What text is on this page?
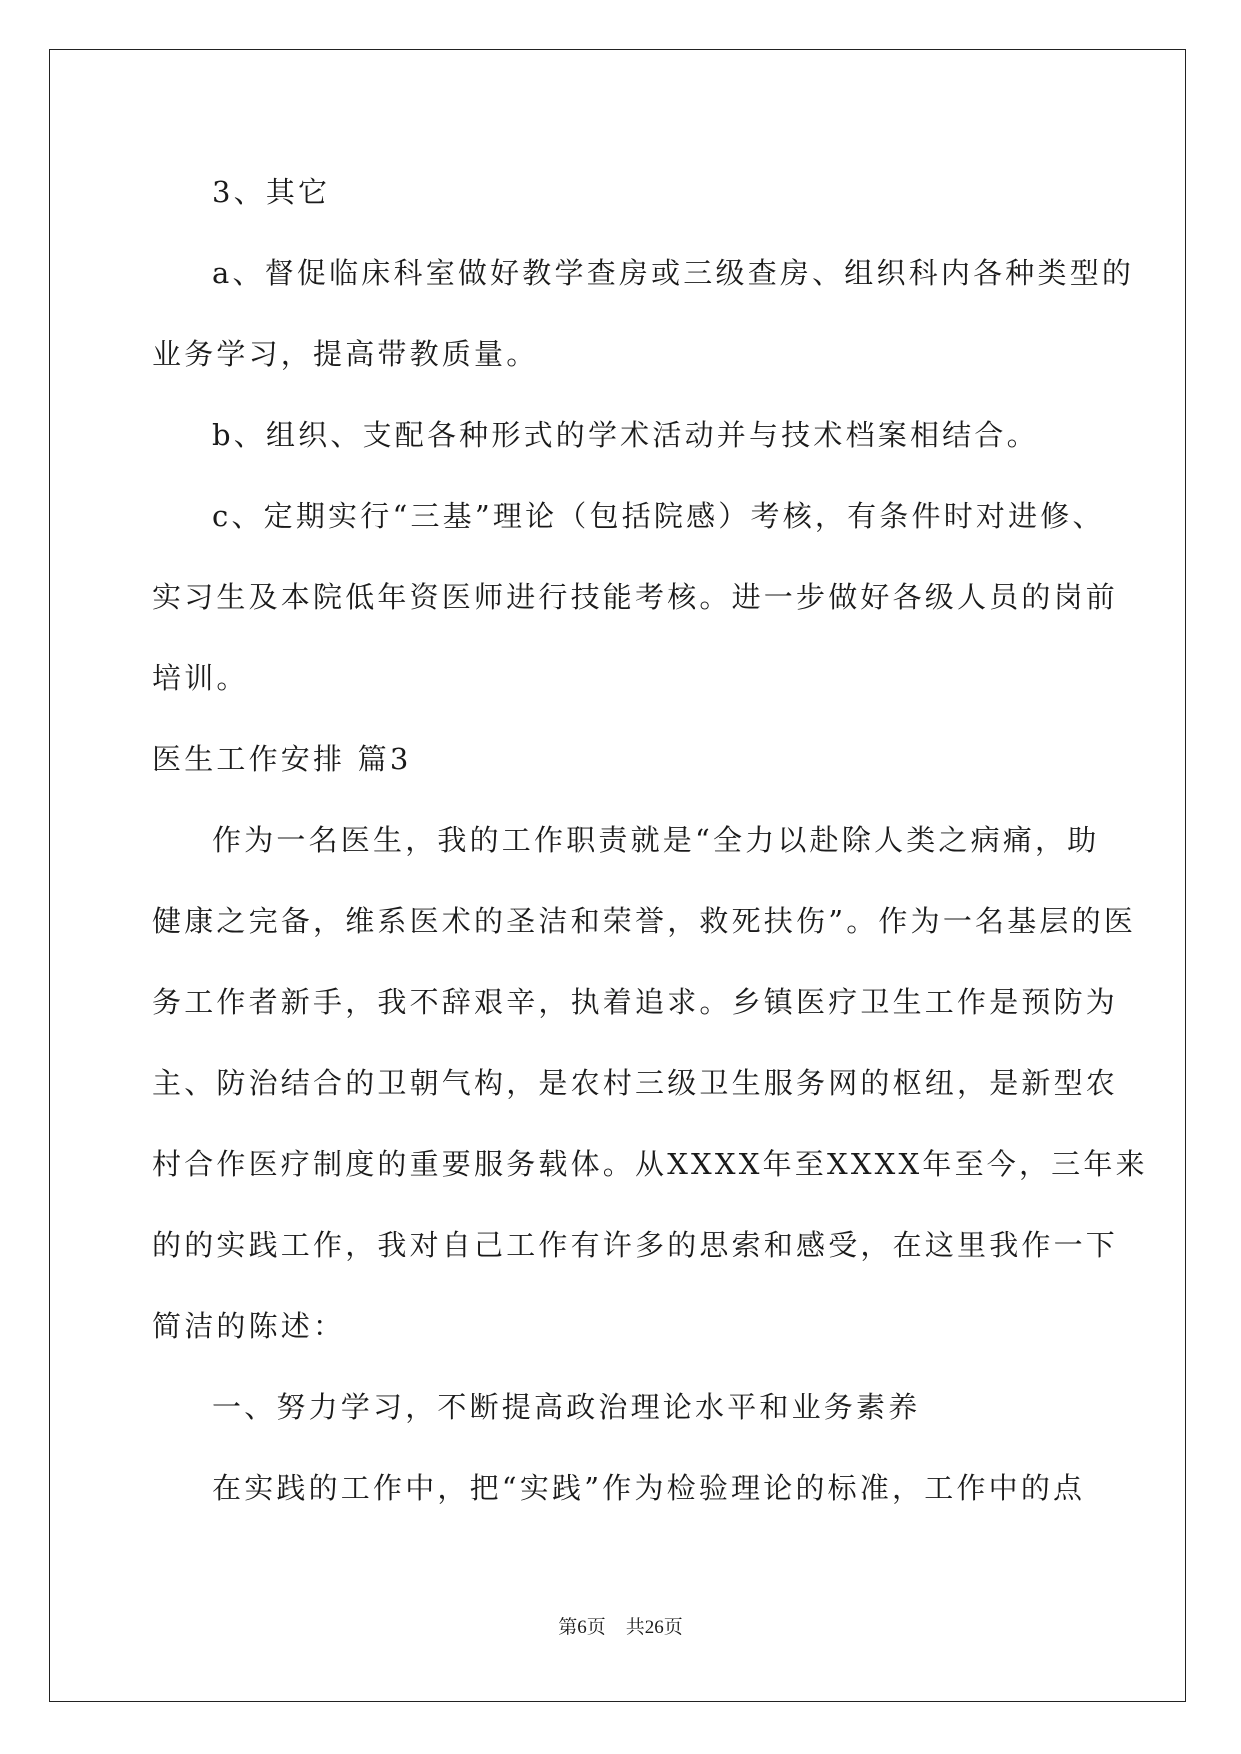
3、其它
a、督促临床科室做好教学查房或三级查房、组织科内各种类型的
业务学习，提高带教质量。
b、组织、支配各种形式的学术活动并与技术档案相结合。
c、定期实行“三基”理论（包括院感）考核，有条件时对进修、
实习生及本院低年资医师进行技能考核。进一步做好各级人员的岗前
培训。
医生工作安排 篇3
作为一名医生，我的工作职责就是“全力以赴除人类之病痛，助
健康之完备，维系医术的圣洁和荣誉，救死扶伤”。作为一名基层的医
务工作者新手，我不辞艰辛，执着追求。乡镇医疗卫生工作是预防为
主、防治结合的卫朝气构，是农村三级卫生服务网的枢纽，是新型农
村合作医疗制度的重要服务载体。从XXXX年至XXXX年至今，三年来
的的实践工作，我对自己工作有许多的思索和感受，在这里我作一下
简洁的陈述：
一、努力学习，不断提高政治理论水平和业务素养
在实践的工作中，把“实践”作为检验理论的标准，工作中的点
第6页 共26页
